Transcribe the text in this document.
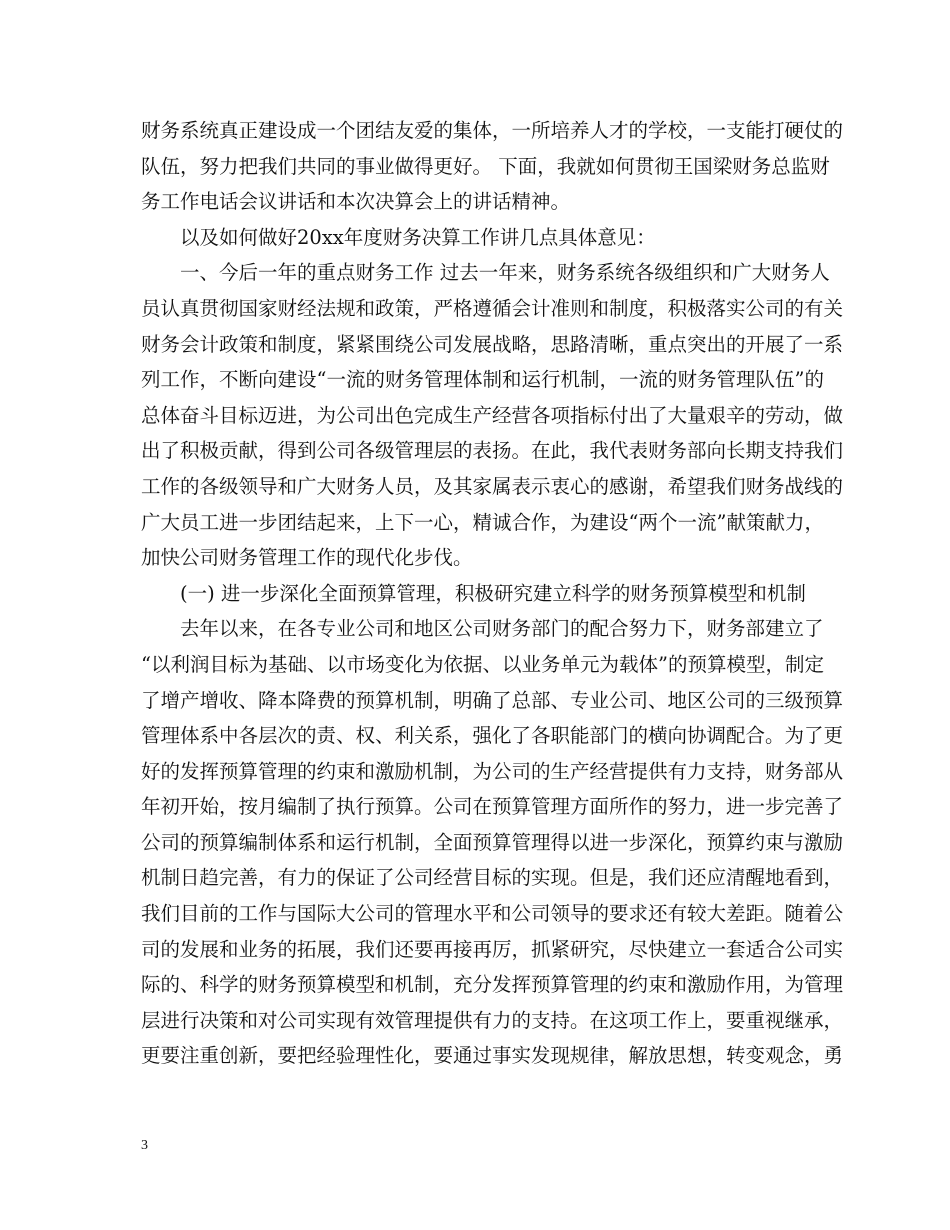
财务系统真正建设成一个团结友爱的集体，一所培养人才的学校，一支能打硬仗的
队伍，努力把我们共同的事业做得更好。 下面，我就如何贯彻王国梁财务总监财
务工作电话会议讲话和本次决算会上的讲话精神。
　　以及如何做好20xx年度财务决算工作讲几点具体意见：
　　一、今后一年的重点财务工作 过去一年来，财务系统各级组织和广大财务人
员认真贯彻国家财经法规和政策，严格遵循会计准则和制度，积极落实公司的有关
财务会计政策和制度，紧紧围绕公司发展战略，思路清晰，重点突出的开展了一系
列工作，不断向建设“一流的财务管理体制和运行机制，一流的财务管理队伍”的
总体奋斗目标迈进，为公司出色完成生产经营各项指标付出了大量艰辛的劳动，做
出了积极贡献，得到公司各级管理层的表扬。在此，我代表财务部向长期支持我们
工作的各级领导和广大财务人员，及其家属表示衷心的感谢，希望我们财务战线的
广大员工进一步团结起来，上下一心，精诚合作，为建设“两个一流”献策献力，
加快公司财务管理工作的现代化步伐。
　　(一) 进一步深化全面预算管理，积极研究建立科学的财务预算模型和机制
　　去年以来，在各专业公司和地区公司财务部门的配合努力下，财务部建立了
“以利润目标为基础、以市场变化为依据、以业务单元为载体”的预算模型，制定
了增产增收、降本降费的预算机制，明确了总部、专业公司、地区公司的三级预算
管理体系中各层次的责、权、利关系，强化了各职能部门的横向协调配合。为了更
好的发挥预算管理的约束和激励机制，为公司的生产经营提供有力支持，财务部从
年初开始，按月编制了执行预算。公司在预算管理方面所作的努力，进一步完善了
公司的预算编制体系和运行机制，全面预算管理得以进一步深化，预算约束与激励
机制日趋完善，有力的保证了公司经营目标的实现。但是，我们还应清醒地看到，
我们目前的工作与国际大公司的管理水平和公司领导的要求还有较大差距。随着公
司的发展和业务的拓展，我们还要再接再厉，抓紧研究，尽快建立一套适合公司实
际的、科学的财务预算模型和机制，充分发挥预算管理的约束和激励作用，为管理
层进行决策和对公司实现有效管理提供有力的支持。在这项工作上，要重视继承，
更要注重创新，要把经验理性化，要通过事实发现规律，解放思想，转变观念，勇
3
